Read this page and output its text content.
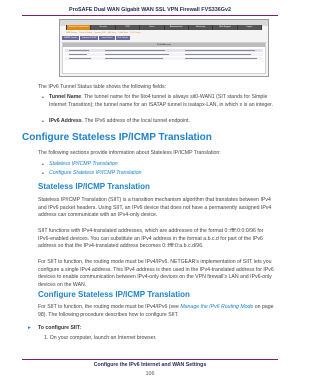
ProSAFE Dual WAN Gigabit WAN SSL VPN Firewall FVS336Gv2
Network Configuration	Security	VPN	Users	Administration	Monitoring	Web Support	Logout
WAN Settings Protocol Binding Dynamic DNS LAN Setup Traffic Meter IPv6 Tunnels
ISATAP Tunnels	Stateless IP/ICMP	Tunnel Status	IPv6 Tunnels
IPv6 Addresses
The IPv6 Tunnel Status table shows the following fields:
• Tunnel Name. The tunnel name for the 6to4 tunnel is always sit0-WAN1 (SIT stands for Simple Internet Transition); the tunnel name for an ISATAP tunnel is isatapx-LAN, in which x is an integer.
• IPv6 Address. The IPv6 address of the local tunnel endpoint.
Configure Stateless IP/ICMP Translation
The following sections provide information about Stateless IP/ICMP Translation:
• Stateless IP/ICMP Translation
• Configure Stateless IP/ICMP Translation
Stateless IP/ICMP Translation
Stateless IP/ICMP Translation (SIIT) is a transition mechanism algorithm that translates between IPv4 and IPv6 packet headers. Using SIIT, an IPv6 device that does not have a permanently assigned IPv4 address can communicate with an IPv4-only device.
SIIT functions with IPv4-translated addresses, which are addresses of the format 0::ffff:0:0:0/96 for IPv6-enabled devices. You can substitute an IPv4 address in the format a.b.c.d for part of the IPv6 address so that the IPv4-translated address becomes 0::ffff:0:a.b.c.d/96.
For SIIT to function, the routing mode must be IPv4/IPv6. NETGEAR’s implementation of SIIT lets you configure a single IPv4 address. This IPv4 address is then used in the IPv4-translated address for IPv6 devices to enable communication between IPv4-only devices on the VPN firewall’s LAN and IPv6-only devices on the WAN.
Configure Stateless IP/ICMP Translation
For SIIT to function, the routing mode must be IPv4/IPv6 (see Manage the IPv6 Routing Mode on page 98). The following procedure describes how to configure SIIT.
▸ To configure SIIT:
1. On your computer, launch an Internet browser.
Configure the IPv6 Internet and WAN Settings
106
